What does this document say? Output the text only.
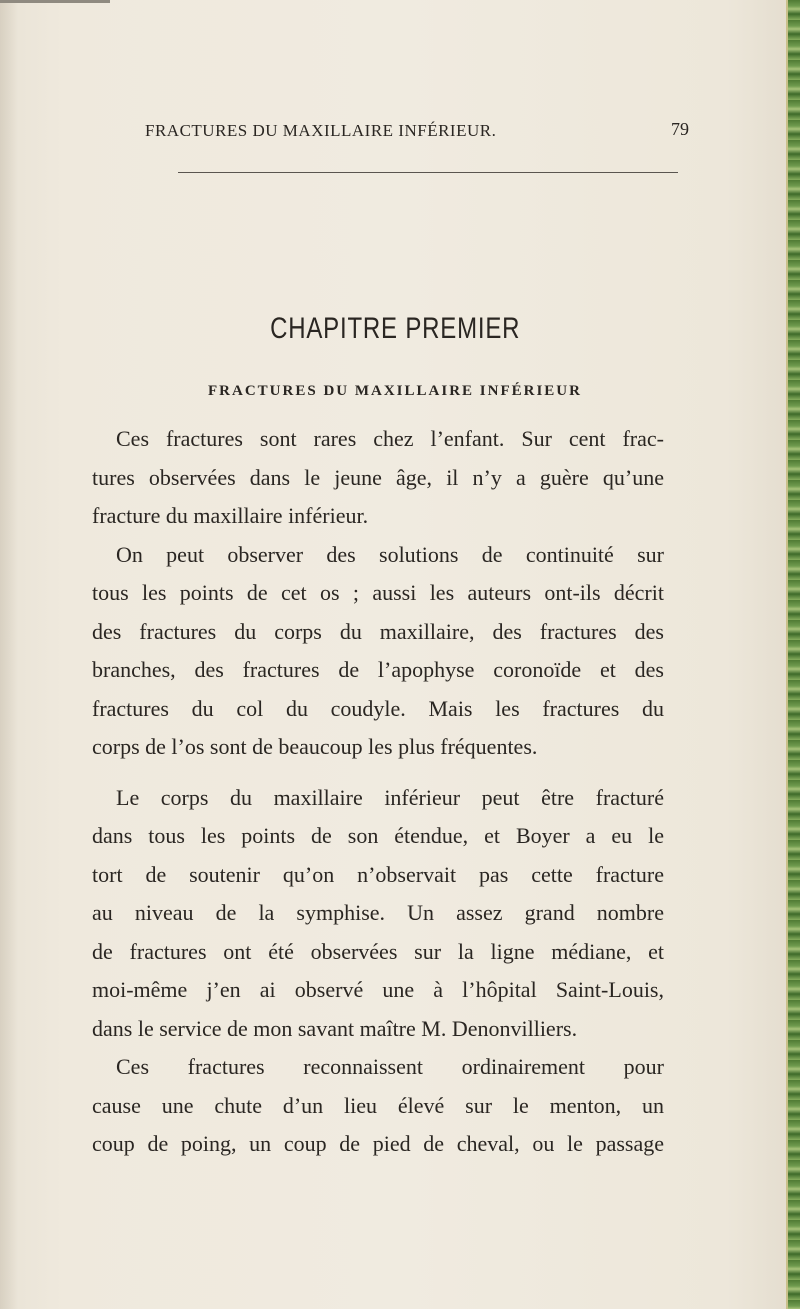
FRACTURES DU MAXILLAIRE INFÉRIEUR.	79
CHAPITRE PREMIER
FRACTURES DU MAXILLAIRE INFÉRIEUR
Ces fractures sont rares chez l’enfant. Sur cent frac-
tures observées dans le jeune âge, il n’y a guère qu’une
fracture du maxillaire inférieur.
On peut observer des solutions de continuité sur
tous les points de cet os ; aussi les auteurs ont-ils décrit
des fractures du corps du maxillaire, des fractures des
branches, des fractures de l’apophyse coronoïde et des
fractures du col du coudyle. Mais les fractures du
corps de l’os sont de beaucoup les plus fréquentes.
Le corps du maxillaire inférieur peut être fracturé
dans tous les points de son étendue, et Boyer a eu le
tort de soutenir qu’on n’observait pas cette fracture
au niveau de la symphise. Un assez grand nombre
de fractures ont été observées sur la ligne médiane, et
moi-même j’en ai observé une à l’hôpital Saint-Louis,
dans le service de mon savant maître M. Denonvilliers.
Ces fractures reconnaissent ordinairement pour
cause une chute d’un lieu élevé sur le menton, un
coup de poing, un coup de pied de cheval, ou le passage
